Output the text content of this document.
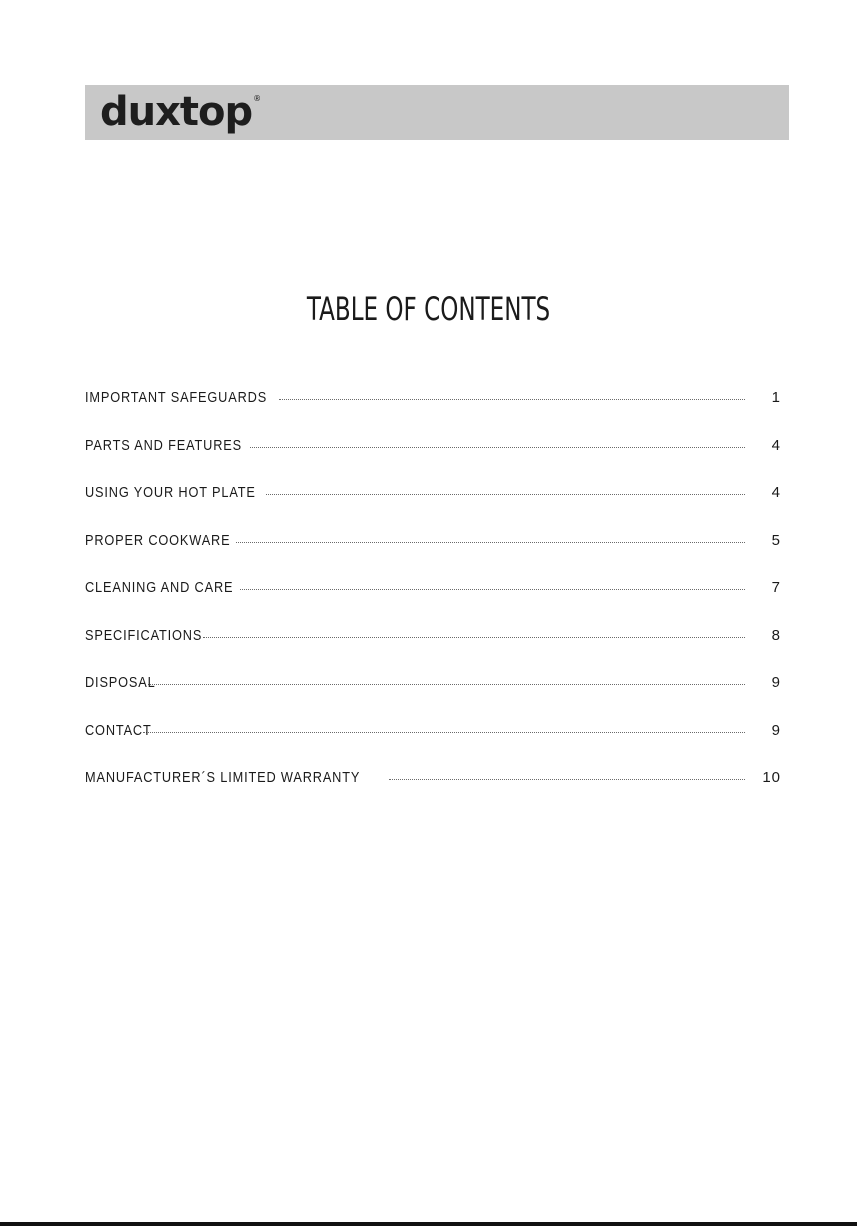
duxtop ®
TABLE OF CONTENTS
IMPORTANT SAFEGUARDS	1
PARTS AND FEATURES	4
USING YOUR HOT PLATE	4
PROPER COOKWARE	5
CLEANING AND CARE	7
SPECIFICATIONS	8
DISPOSAL	9
CONTACT	9
MANUFACTURER´S LIMITED WARRANTY	10
